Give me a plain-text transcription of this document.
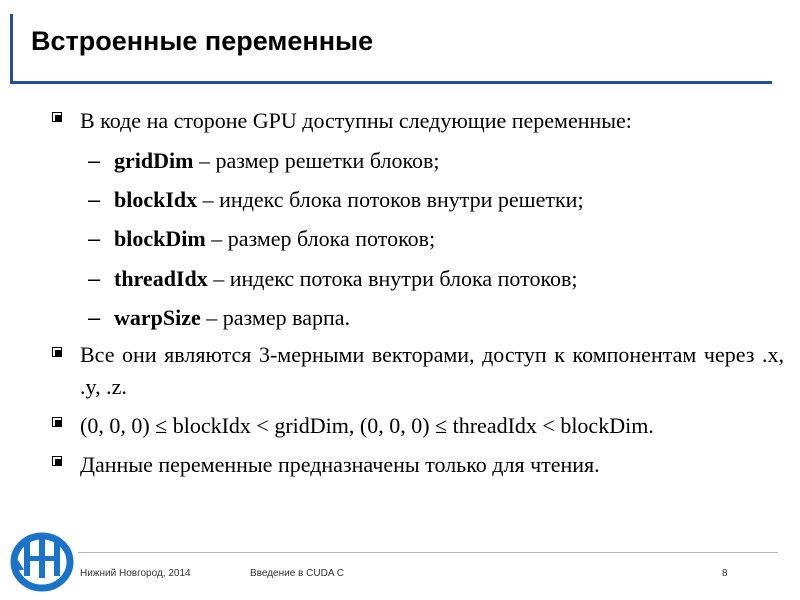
Встроенные переменные
В коде на стороне GPU доступны следующие переменные:
– gridDim – размер решетки блоков;
– blockIdx – индекс блока потоков внутри решетки;
– blockDim – размер блока потоков;
– threadIdx – индекс потока внутри блока потоков;
– warpSize – размер варпа.
Все они являются 3-мерными векторами, доступ к компонентам через .x, .y, .z.
(0, 0, 0) ≤ blockIdx < gridDim, (0, 0, 0) ≤ threadIdx < blockDim.
Данные переменные предназначены только для чтения.
Нижний Новгород, 2014	Введение в CUDA C	8
